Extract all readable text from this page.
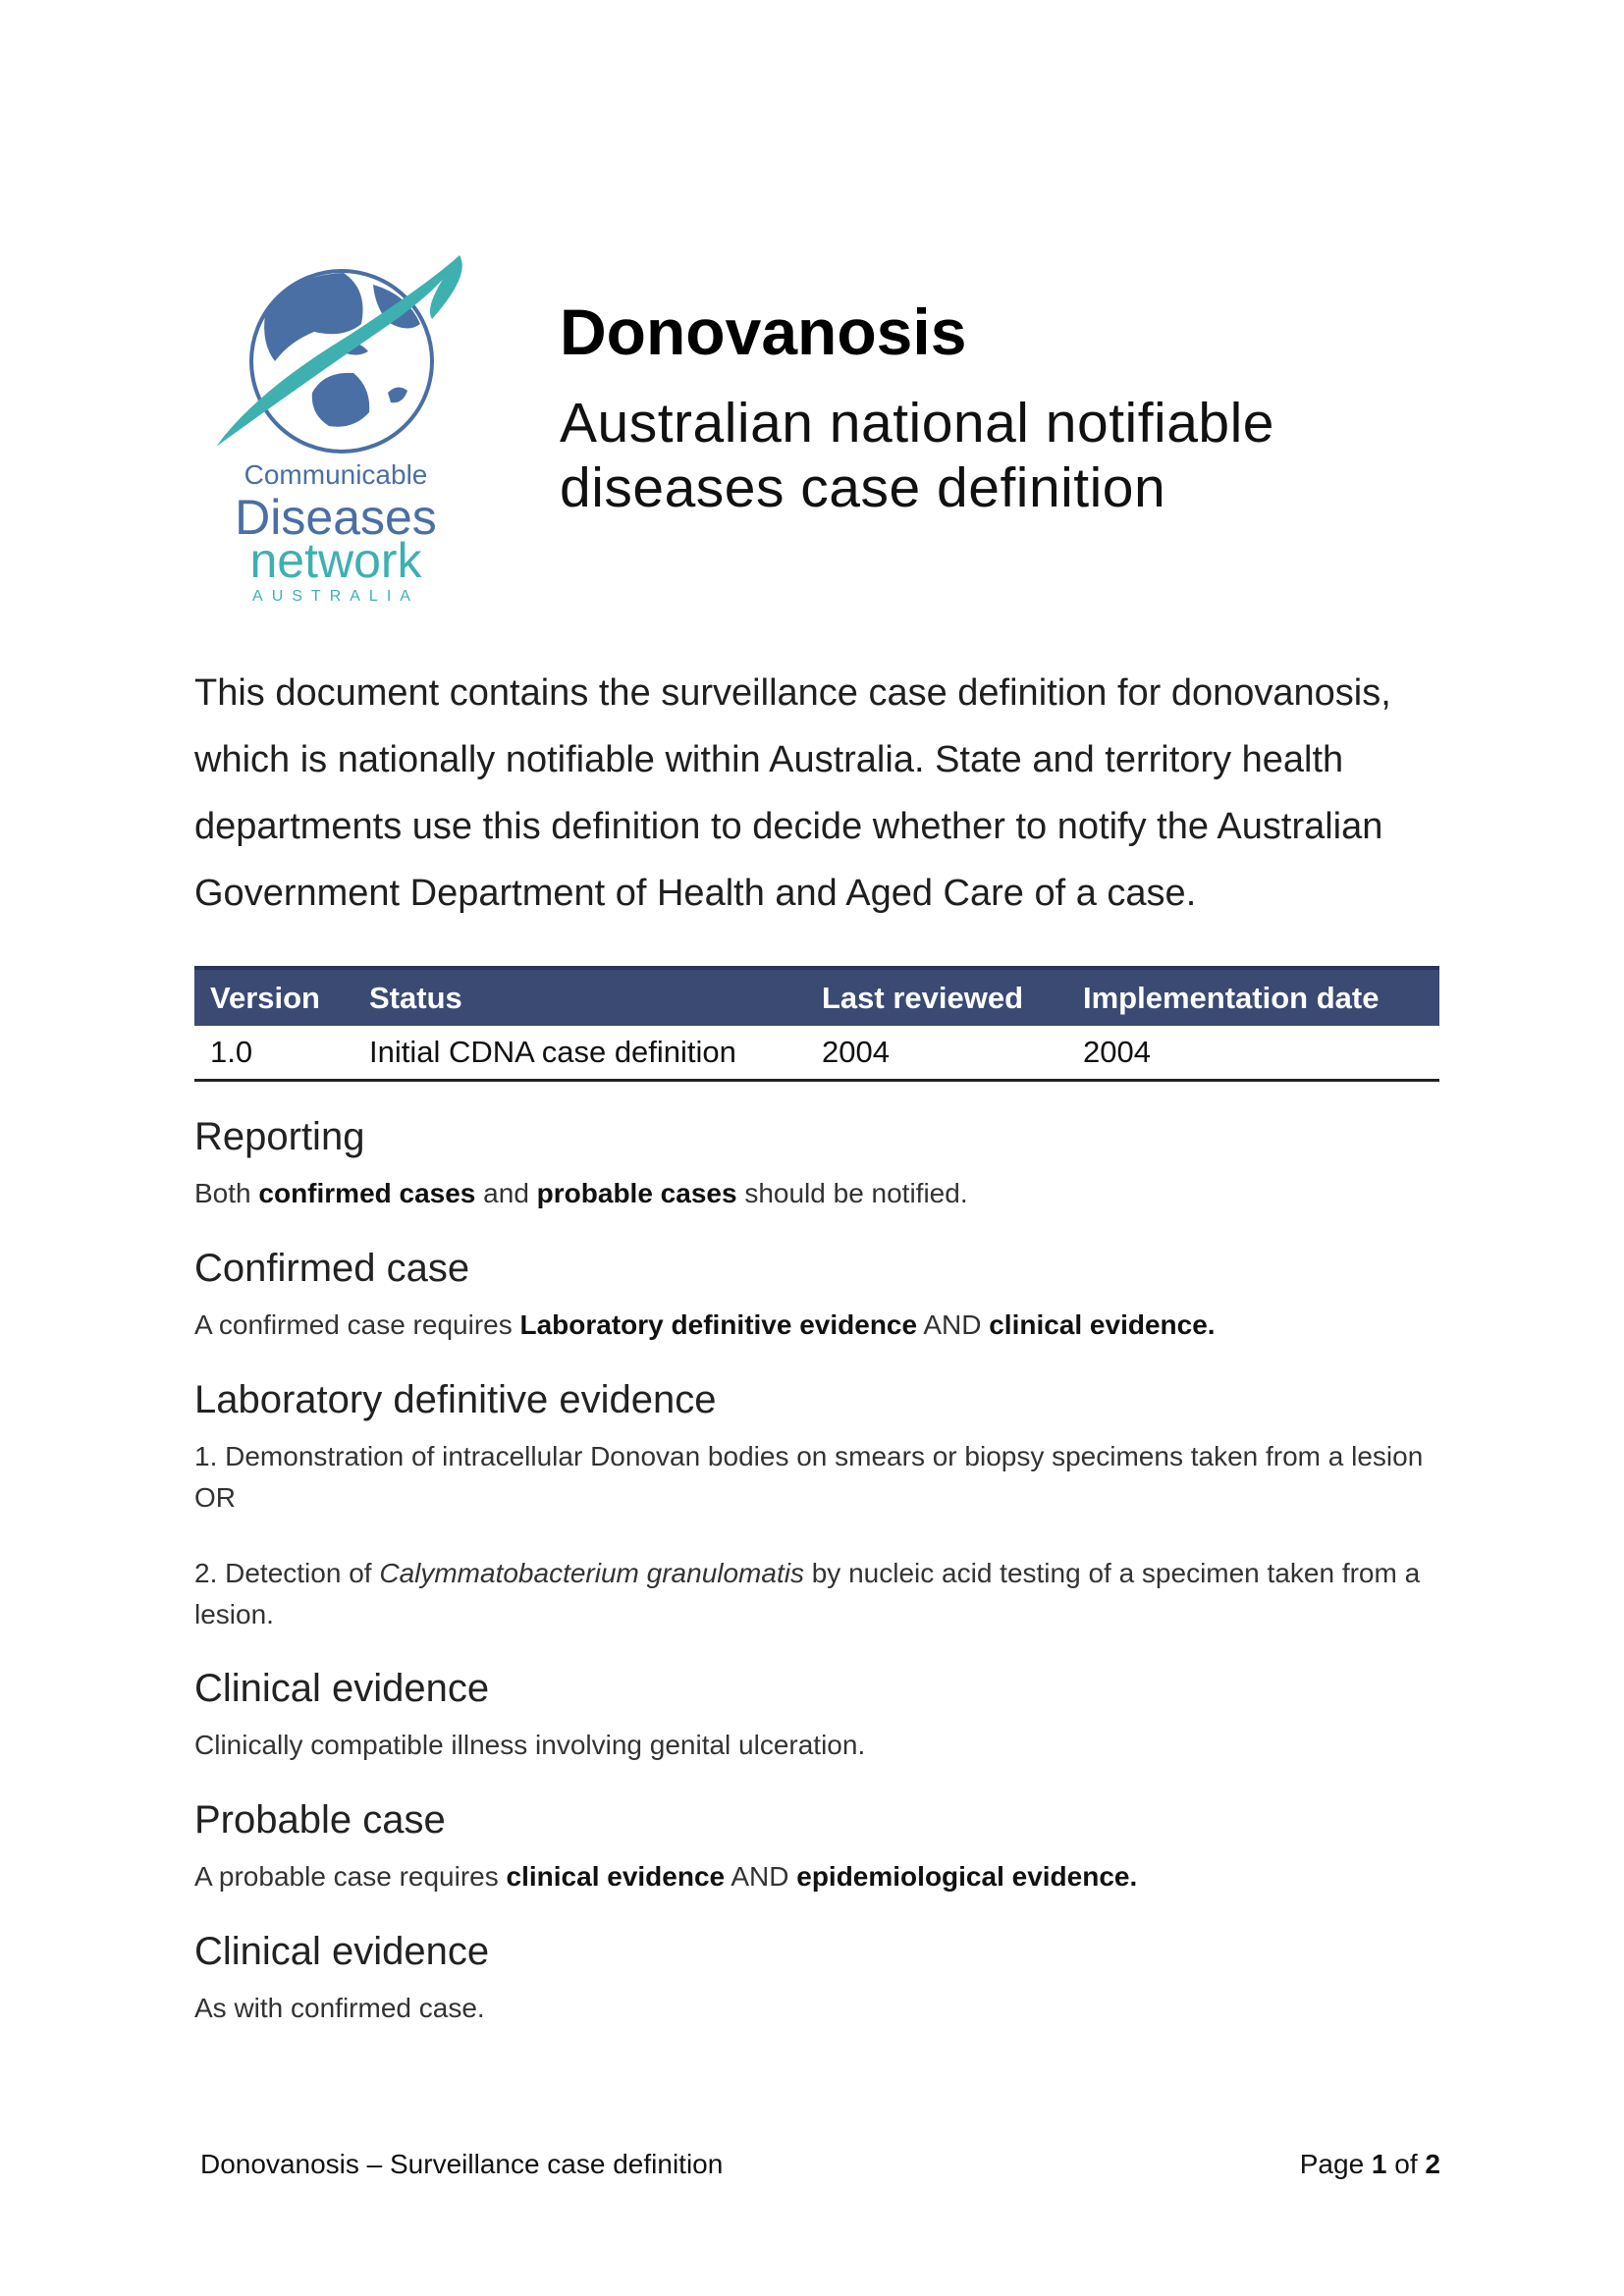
Communicable
Diseases
network
AUSTRALIA
Donovanosis
Australian national notifiable
diseases case definition

This document contains the surveillance case definition for donovanosis, which is nationally notifiable within Australia. State and territory health departments use this definition to decide whether to notify the Australian Government Department of Health and Aged Care of a case.

Version	Status	Last reviewed	Implementation date
1.0	Initial CDNA case definition	2004	2004
Reporting

Both confirmed cases and probable cases should be notified.

Confirmed case

A confirmed case requires Laboratory definitive evidence AND clinical evidence.

Laboratory definitive evidence

1. Demonstration of intracellular Donovan bodies on smears or biopsy specimens taken from a lesion
OR

2. Detection of Calymmatobacterium granulomatis by nucleic acid testing of a specimen taken from a lesion.

Clinical evidence

Clinically compatible illness involving genital ulceration.

Probable case

A probable case requires clinical evidence AND epidemiological evidence.

Clinical evidence

As with confirmed case.

Donovanosis – Surveillance case definition	Page 1 of 2
